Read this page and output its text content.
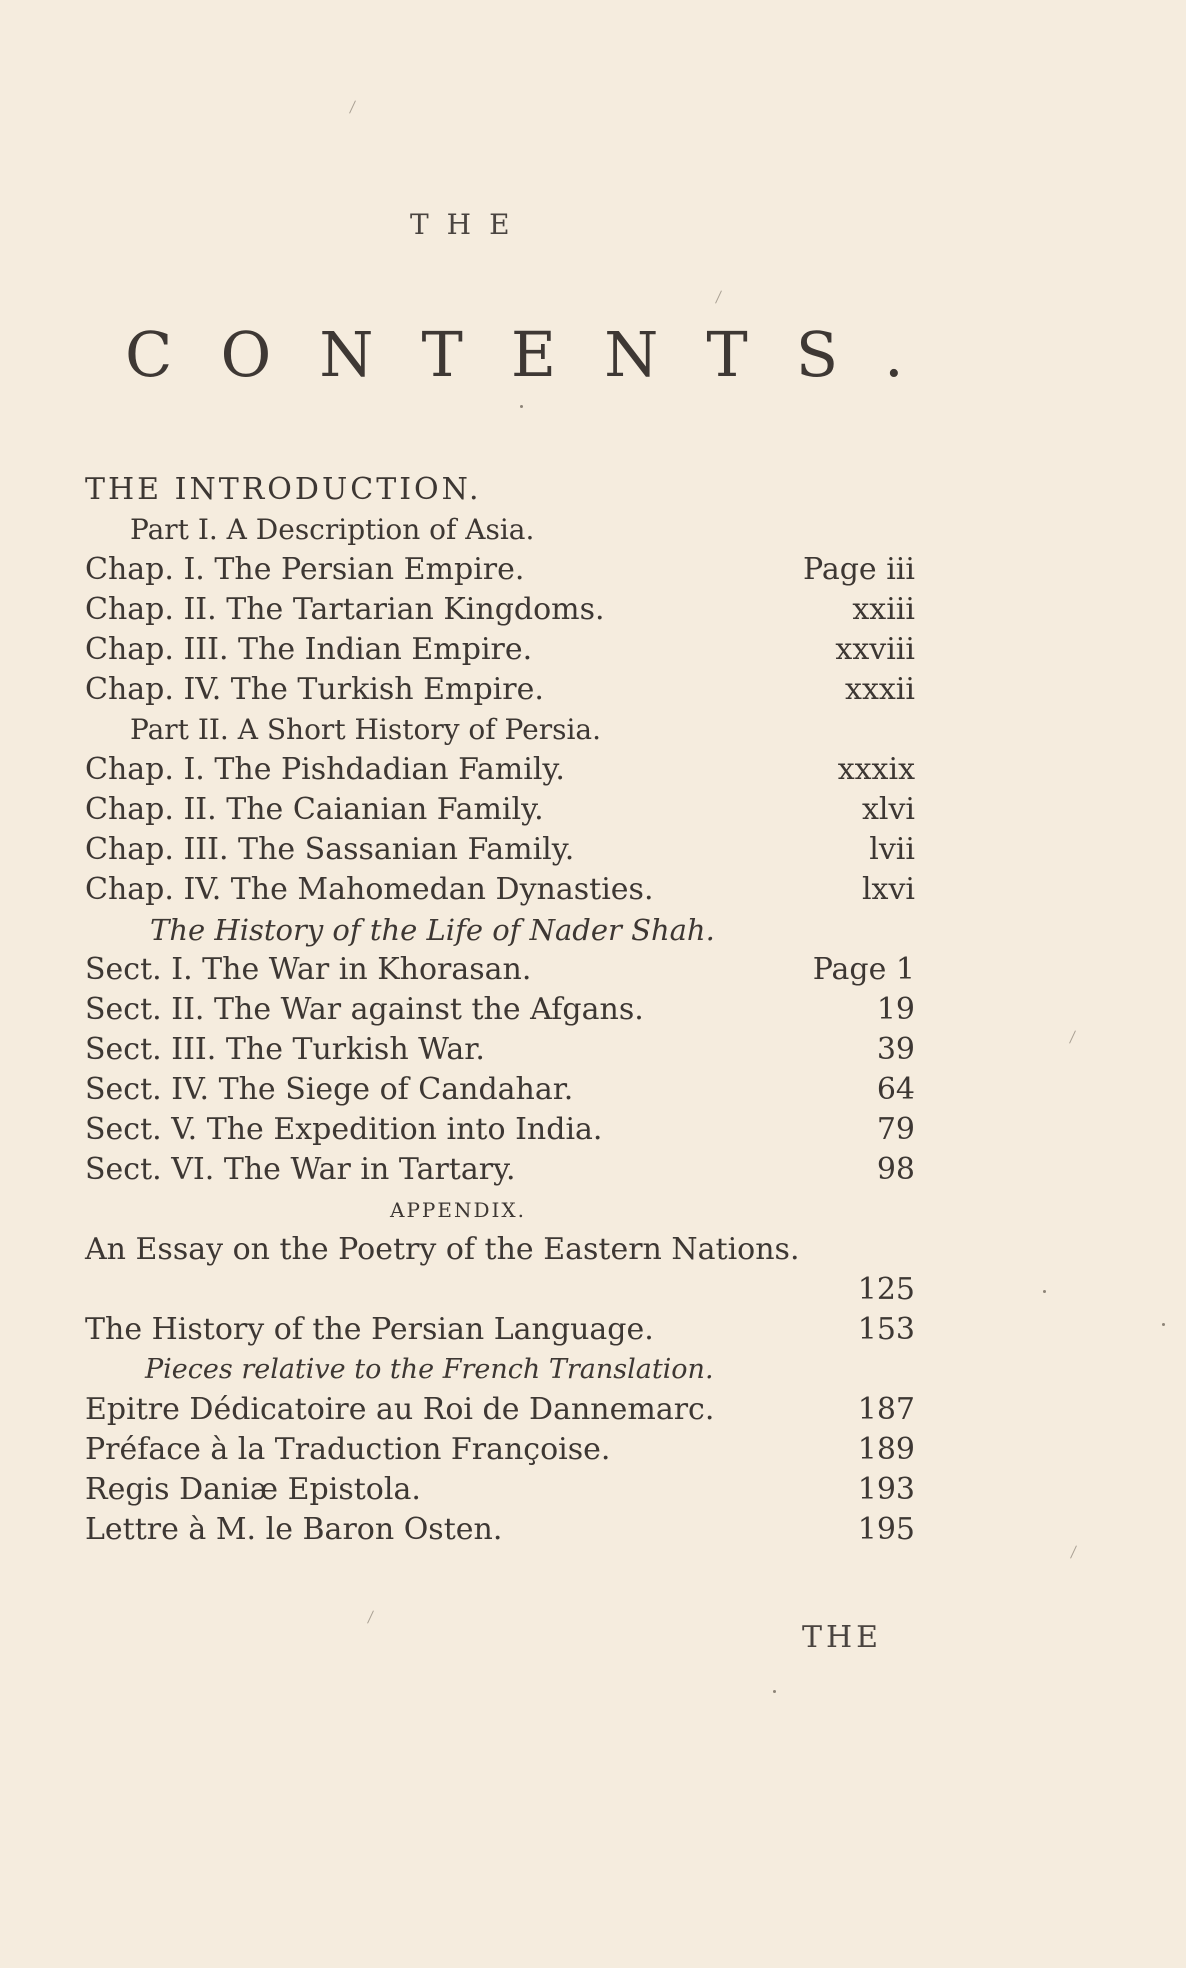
THE
CONTENTS.
THE INTRODUCTION.
Part I. A Description of Asia.
Chap. I. The Persian Empire.	Page iii
Chap. II. The Tartarian Kingdoms.	xxiii
Chap. III. The Indian Empire.	xxviii
Chap. IV. The Turkish Empire.	xxxii
Part II. A Short History of Persia.
Chap. I. The Pishdadian Family.	xxxix
Chap. II. The Caianian Family.	xlvi
Chap. III. The Sassanian Family.	lvii
Chap. IV. The Mahomedan Dynasties.	lxvi
The History of the Life of Nader Shah.
Sect. I. The War in Khorasan.	Page 1
Sect. II. The War against the Afgans.	19
Sect. III. The Turkish War.	39
Sect. IV. The Siege of Candahar.	64
Sect. V. The Expedition into India.	79
Sect. VI. The War in Tartary.	98
APPENDIX.
An Essay on the Poetry of the Eastern Nations.
125
The History of the Persian Language.	153
Pieces relative to the French Translation.
Epitre Dédicatoire au Roi de Dannemarc.	187
Préface à la Traduction Françoise.	189
Regis Daniæ Epistola.	193
Lettre à M. le Baron Osten.	195
THE
